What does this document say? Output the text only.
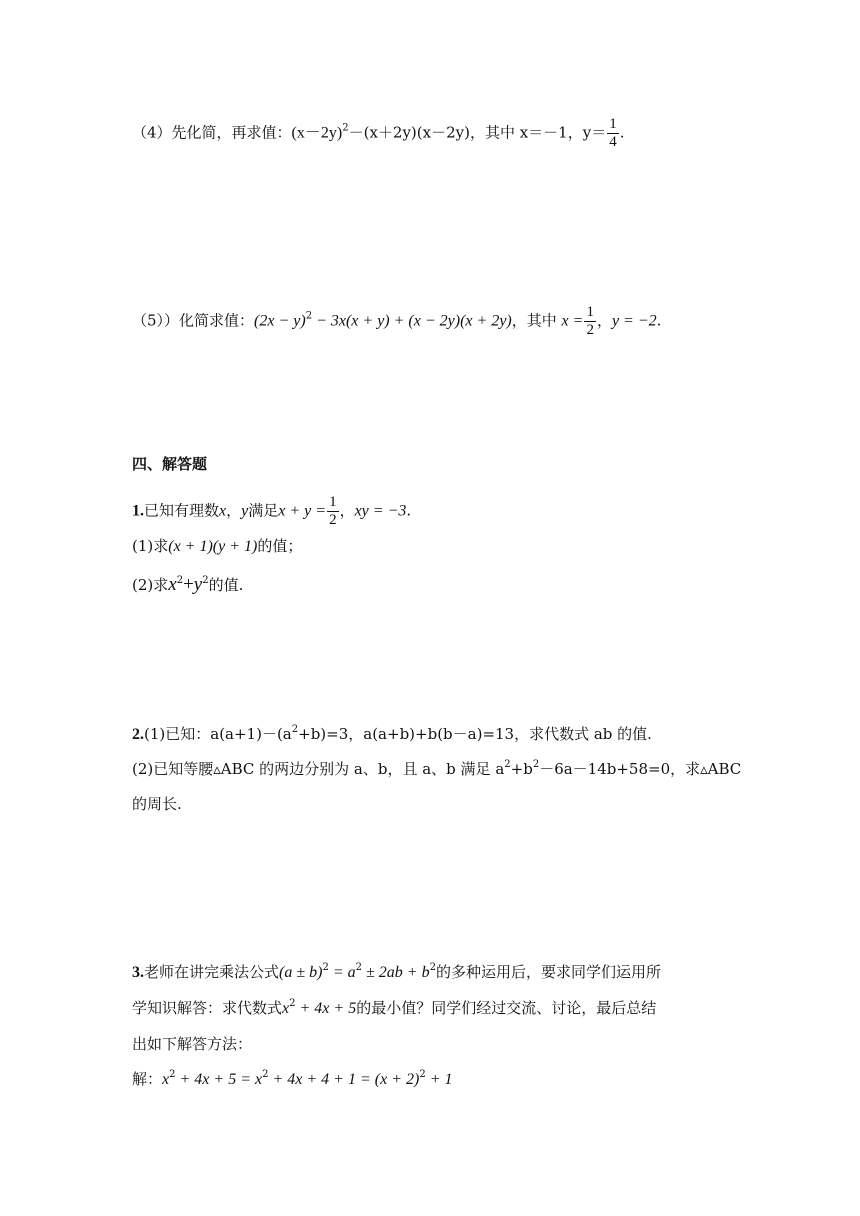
（4）先化简，再求值：$(x-2y)^2-(x+2y)(x-2y)$，其中 x＝－1，$y= \frac{1}{4}$ .
（5））化简求值：$(2x - y)^2 - 3x(x + y) + (x - 2y)(x + 2y)$，其中 $x = \frac{1}{2}$ ，y = −2.
四、解答题
1.已知有理数x，y满足$x + y = \frac{1}{2}$ ，xy = −3.
(1)求(x + 1)(y + 1)的值；
(2)求$x^2+y^2$的值.
2.(1)已知：$a(a+1)-(a^2+b)=3$，a(a+b)+b(b－a)=13，求代数式 ab 的值.
(2)已知等腰▵ABC 的两边分别为 a、b，且 a、b 满足 $a^2+b^2-6a-14b+58=0$，求▵ABC
的周长.
3.老师在讲完乘法公式$(a \pm b)^2 = a^2 \pm 2ab + b^2$的多种运用后，要求同学们运用所
学知识解答：求代数式$x^2 + 4x + 5$的最小值？同学们经过交流、讨论，最后总结
出如下解答方法：
解：$x^2 + 4x + 5 = x^2 + 4x + 4 + 1 = (x + 2)^2 + 1$
